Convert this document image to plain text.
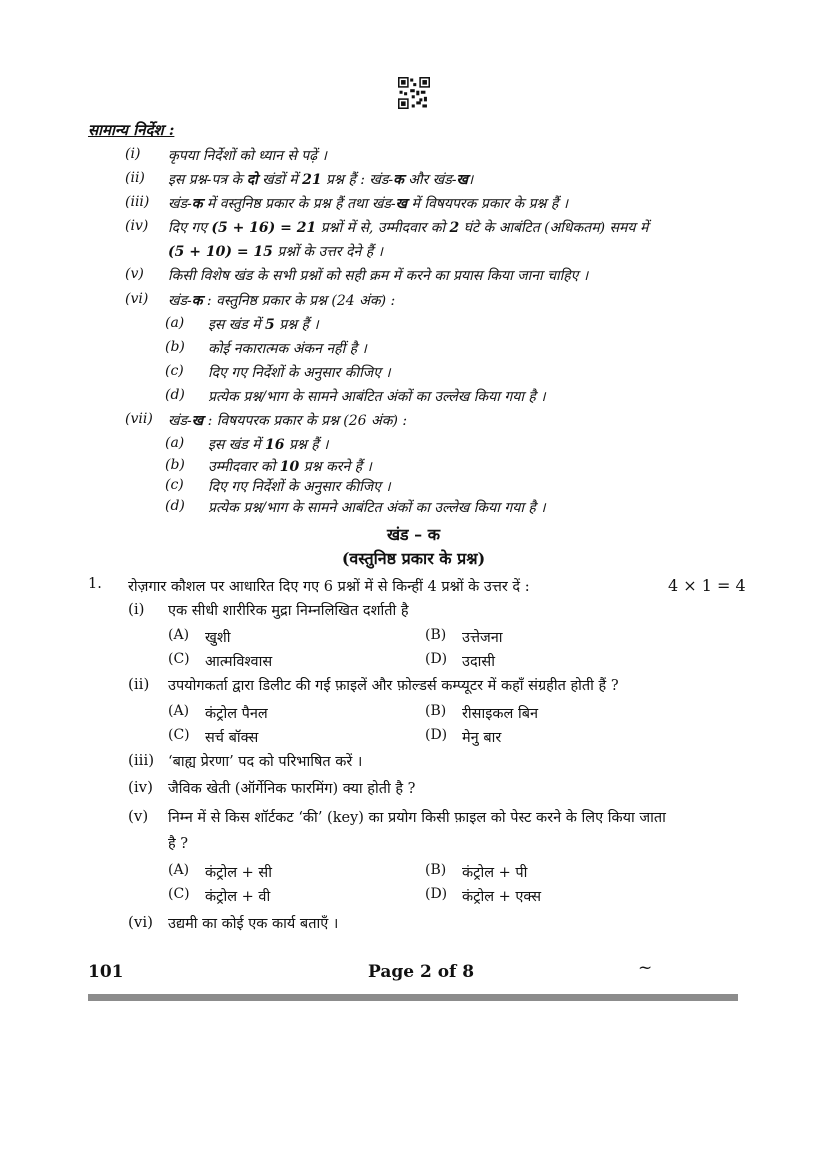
सामान्य निर्देश :
(i) कृपया निर्देशों को ध्यान से पढ़ें ।
(ii) इस प्रश्न-पत्र के दो खंडों में 21 प्रश्न हैं : खंड-क और खंड-ख।
(iii) खंड-क में वस्तुनिष्ठ प्रकार के प्रश्न हैं तथा खंड-ख में विषयपरक प्रकार के प्रश्न हैं ।
(iv) दिए गए (5 + 16) = 21 प्रश्नों में से, उम्मीदवार को 2 घंटे के आबंटित (अधिकतम) समय में
(5 + 10) = 15 प्रश्नों के उत्तर देने हैं ।
(v) किसी विशेष खंड के सभी प्रश्नों को सही क्रम में करने का प्रयास किया जाना चाहिए ।
(vi) खंड-क : वस्तुनिष्ठ प्रकार के प्रश्न (24 अंक) :
(a) इस खंड में 5 प्रश्न हैं ।
(b) कोई नकारात्मक अंकन नहीं है ।
(c) दिए गए निर्देशों के अनुसार कीजिए ।
(d) प्रत्येक प्रश्न/भाग के सामने आबंटित अंकों का उल्लेख किया गया है ।
(vii) खंड-ख : विषयपरक प्रकार के प्रश्न (26 अंक) :
(a) इस खंड में 16 प्रश्न हैं ।
(b) उम्मीदवार को 10 प्रश्न करने हैं ।
(c) दिए गए निर्देशों के अनुसार कीजिए ।
(d) प्रत्येक प्रश्न/भाग के सामने आबंटित अंकों का उल्लेख किया गया है ।
खंड – क
(वस्तुनिष्ठ प्रकार के प्रश्न)
1. रोज़गार कौशल पर आधारित दिए गए 6 प्रश्नों में से किन्हीं 4 प्रश्नों के उत्तर दें :	4 × 1 = 4
(i) एक सीधी शारीरिक मुद्रा निम्नलिखित दर्शाती है
(A) खुशी	(B) उत्तेजना
(C) आत्मविश्वास	(D) उदासी
(ii) उपयोगकर्ता द्वारा डिलीट की गई फ़ाइलें और फ़ोल्डर्स कम्प्यूटर में कहाँ संग्रहीत होती हैं ?
(A) कंट्रोल पैनल	(B) रीसाइकल बिन
(C) सर्च बॉक्स	(D) मेनु बार
(iii) ‘बाह्य प्रेरणा’ पद को परिभाषित करें ।
(iv) जैविक खेती (ऑर्गेनिक फारमिंग) क्या होती है ?
(v) निम्न में से किस शॉर्टकट ‘की’ (key) का प्रयोग किसी फ़ाइल को पेस्ट करने के लिए किया जाता
है ?
(A) कंट्रोल + सी	(B) कंट्रोल + पी
(C) कंट्रोल + वी	(D) कंट्रोल + एक्स
(vi) उद्यमी का कोई एक कार्य बताएँ ।
101	Page 2 of 8	~
